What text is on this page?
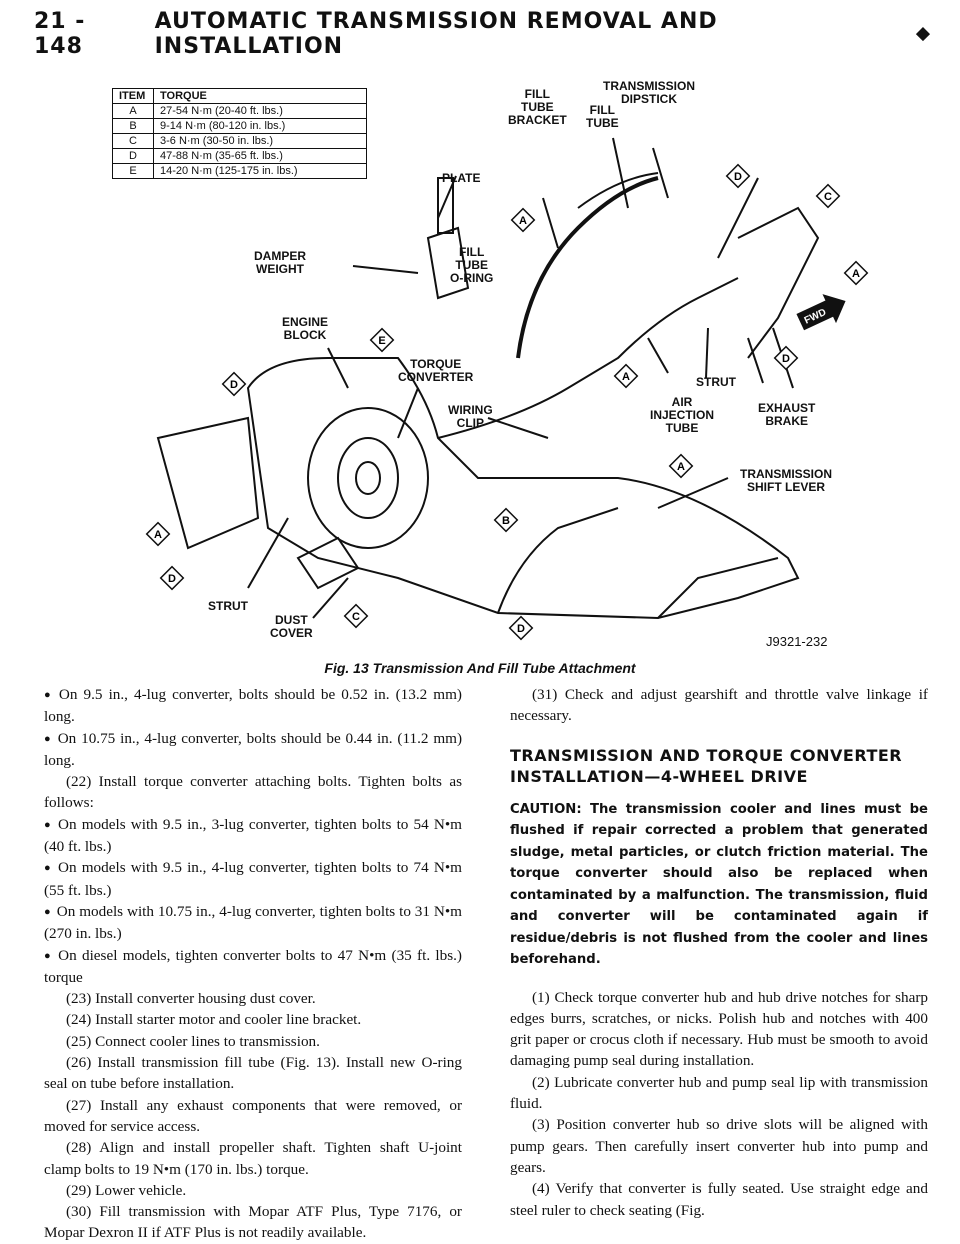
21 - 148
AUTOMATIC TRANSMISSION REMOVAL AND INSTALLATION
A
A
A
A
A
B
C
C
D
D
D
D
D
E
FWD
ITEM	TORQUE
A	27-54 N·m (20-40 ft. lbs.)
B	9-14 N·m (80-120 in. lbs.)
C	3-6 N·m (30-50 in. lbs.)
D	47-88 N·m (35-65 ft. lbs.)
E	14-20 N·m (125-175 in. lbs.)
FILL
TUBE
BRACKET
TRANSMISSION
DIPSTICK
FILL
TUBE
PLATE
DAMPER
WEIGHT
FILL
TUBE
O-RING
ENGINE
BLOCK
TORQUE
CONVERTER
WIRING
CLIP
AIR
INJECTION
TUBE
STRUT
EXHAUST
BRAKE
TRANSMISSION
SHIFT LEVER
STRUT
DUST
COVER
J9321-232
Fig. 13 Transmission And Fill Tube Attachment

● On 9.5 in., 4-lug converter, bolts should be 0.52 in. (13.2 mm) long.

● On 10.75 in., 4-lug converter, bolts should be 0.44 in. (11.2 mm) long.

(22) Install torque converter attaching bolts. Tighten bolts as follows:

● On models with 9.5 in., 3-lug converter, tighten bolts to 54 N•m (40 ft. lbs.)

● On models with 9.5 in., 4-lug converter, tighten bolts to 74 N•m (55 ft. lbs.)

● On models with 10.75 in., 4-lug converter, tighten bolts to 31 N•m (270 in. lbs.)

● On diesel models, tighten converter bolts to 47 N•m (35 ft. lbs.) torque

(23) Install converter housing dust cover.

(24) Install starter motor and cooler line bracket.

(25) Connect cooler lines to transmission.

(26) Install transmission fill tube (Fig. 13). Install new O-ring seal on tube before installation.

(27) Install any exhaust components that were removed, or moved for service access.

(28) Align and install propeller shaft. Tighten shaft U-joint clamp bolts to 19 N•m (170 in. lbs.) torque.

(29) Lower vehicle.

(30) Fill transmission with Mopar ATF Plus, Type 7176, or Mopar Dexron II if ATF Plus is not readily available.

(31) Check and adjust gearshift and throttle valve linkage if necessary.

TRANSMISSION AND TORQUE CONVERTER INSTALLATION—4-WHEEL DRIVE
CAUTION: The transmission cooler and lines must be flushed if repair corrected a problem that generated sludge, metal particles, or clutch friction material. The torque converter should also be replaced when contaminated by a malfunction. The transmission, fluid and converter will be contaminated again if residue/debris is not flushed from the cooler and lines beforehand.

(1) Check torque converter hub and hub drive notches for sharp edges burrs, scratches, or nicks. Polish hub and notches with 400 grit paper or crocus cloth if necessary. Hub must be smooth to avoid damaging pump seal during installation.

(2) Lubricate converter hub and pump seal lip with transmission fluid.

(3) Position converter hub so drive slots will be aligned with pump gears. Then carefully insert converter hub into pump and gears.

(4) Verify that converter is fully seated. Use straight edge and steel ruler to check seating (Fig.
